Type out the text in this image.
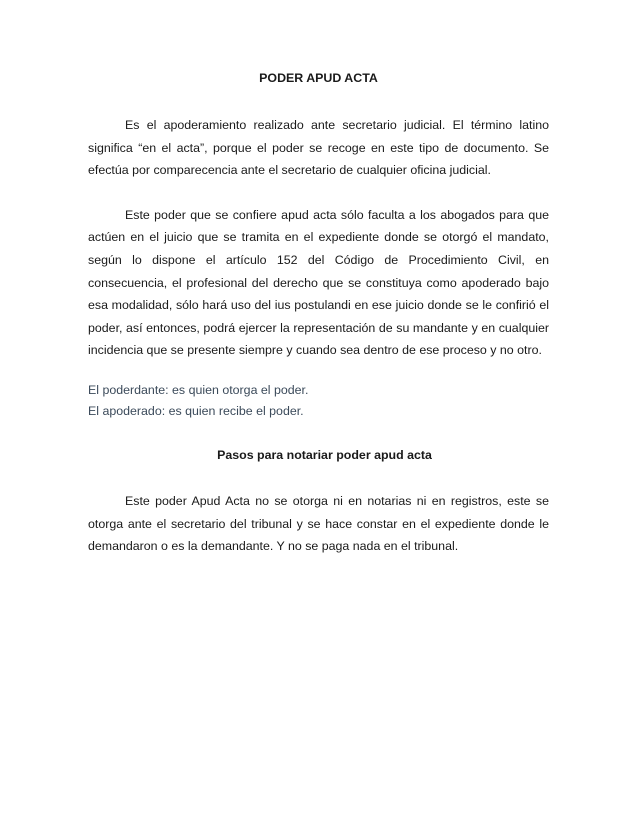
PODER APUD ACTA

Es el apoderamiento realizado ante secretario judicial. El término latino significa “en el acta”, porque el poder se recoge en este tipo de documento. Se efectúa por comparecencia ante el secretario de cualquier oficina judicial.

Este poder que se confiere apud acta sólo faculta a los abogados para que actúen en el juicio que se tramita en el expediente donde se otorgó el mandato, según lo dispone el artículo 152 del Código de Procedimiento Civil, en consecuencia, el profesional del derecho que se constituya como apoderado bajo esa modalidad, sólo hará uso del ius postulandi en ese juicio donde se le confirió el poder, así entonces, podrá ejercer la representación de su mandante y en cualquier incidencia que se presente siempre y cuando sea dentro de ese proceso y no otro.

El poderdante: es quien otorga el poder.

El apoderado: es quien recibe el poder.

Pasos para notariar poder apud acta

Este poder Apud Acta no se otorga ni en notarias ni en registros, este se otorga ante el secretario del tribunal y se hace constar en el expediente donde le demandaron o es la demandante. Y no se paga nada en el tribunal.
